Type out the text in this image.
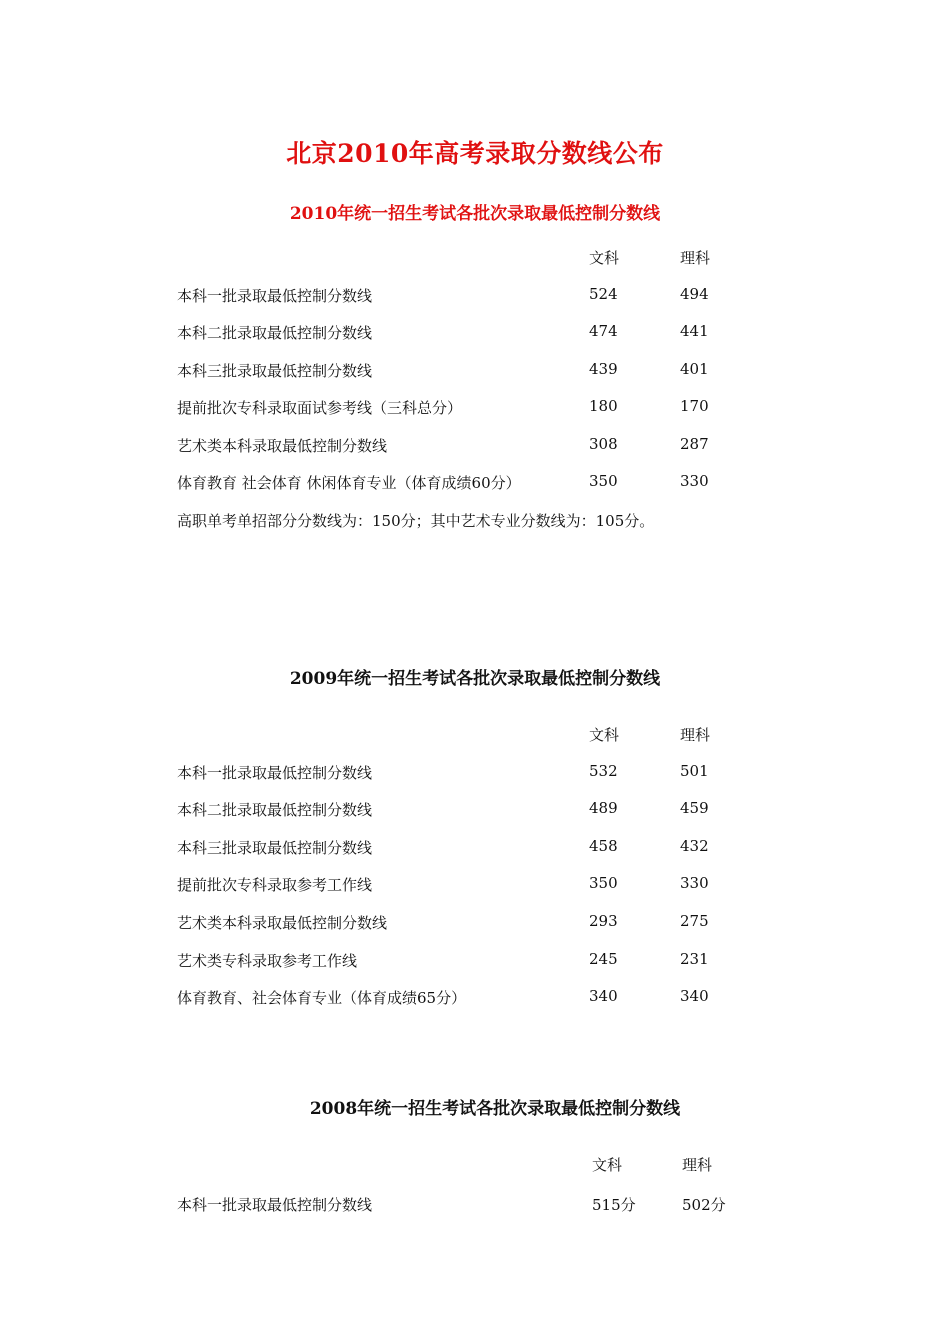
北京2010年高考录取分数线公布
2010年统一招生考试各批次录取最低控制分数线
文科	理科
本科一批录取最低控制分数线	524	494
本科二批录取最低控制分数线	474	441
本科三批录取最低控制分数线	439	401
提前批次专科录取面试参考线（三科总分）	180	170
艺术类本科录取最低控制分数线	308	287
体育教育 社会体育 休闲体育专业（体育成绩60分）	350	330
高职单考单招部分分数线为：150分；其中艺术专业分数线为：105分。
2009年统一招生考试各批次录取最低控制分数线
文科	理科
本科一批录取最低控制分数线	532	501
本科二批录取最低控制分数线	489	459
本科三批录取最低控制分数线	458	432
提前批次专科录取参考工作线	350	330
艺术类本科录取最低控制分数线	293	275
艺术类专科录取参考工作线	245	231
体育教育、社会体育专业（体育成绩65分）	340	340
2008年统一招生考试各批次录取最低控制分数线
文科	理科
本科一批录取最低控制分数线	515分	502分
